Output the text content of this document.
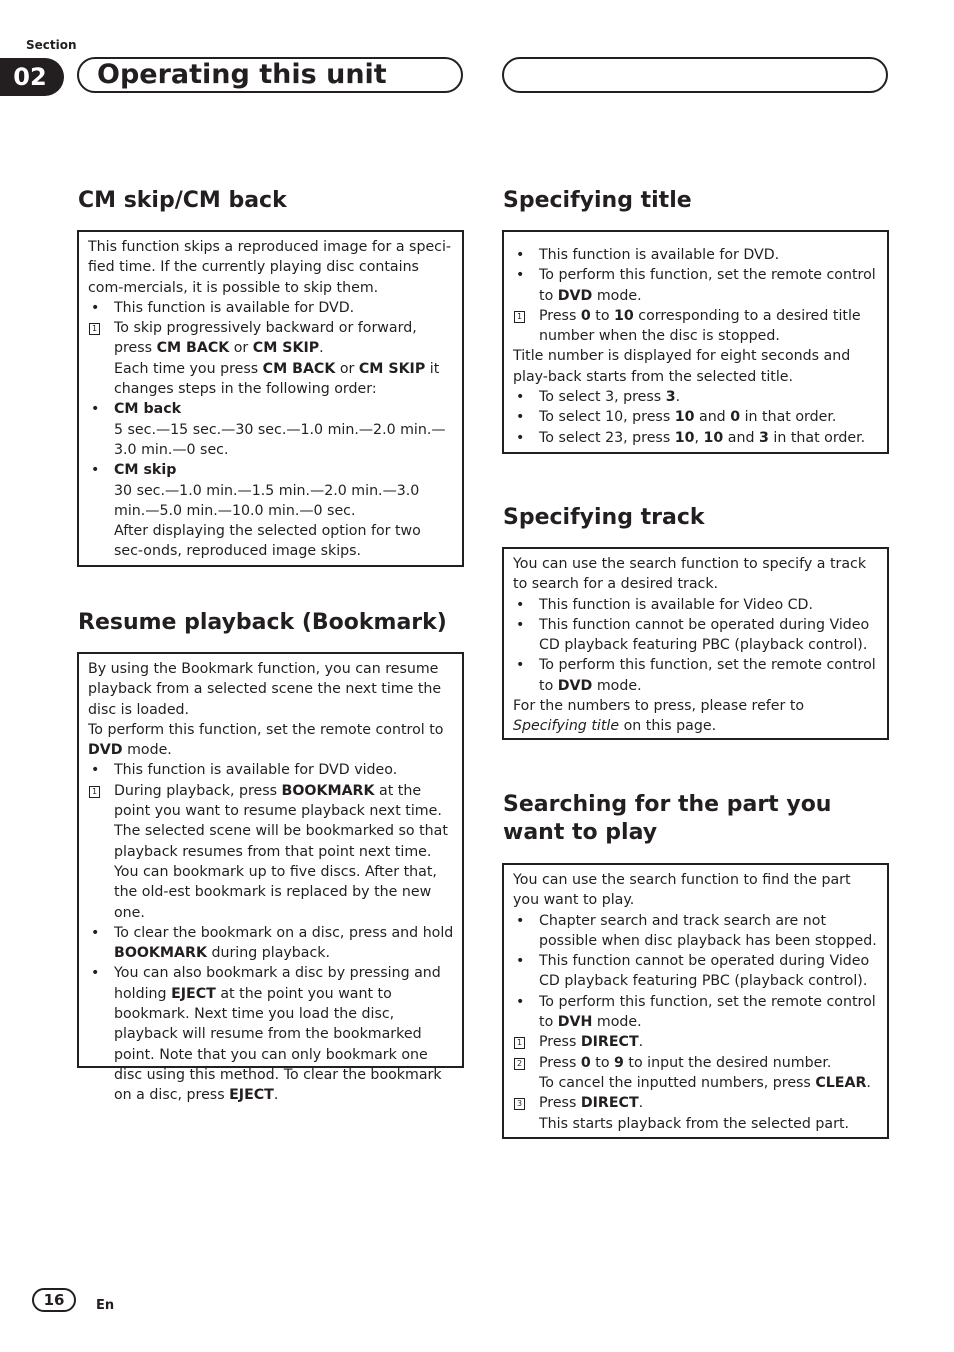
Section
02	Operating this unit
CM skip/CM back

This function skips a reproduced image for a speci-fied time. If the currently playing disc contains com-mercials, it is possible to skip them.

• This function is available for DVD.
1 To skip progressively backward or forward, press CM BACK or CM SKIP.
Each time you press CM BACK or CM SKIP it changes steps in the following order:
• CM back
5 sec.—15 sec.—30 sec.—1.0 min.—2.0 min.—3.0 min.—0 sec.
• CM skip
30 sec.—1.0 min.—1.5 min.—2.0 min.—3.0 min.—5.0 min.—10.0 min.—0 sec.
After displaying the selected option for two sec-onds, reproduced image skips.
Resume playback (Bookmark)

By using the Bookmark function, you can resume playback from a selected scene the next time the disc is loaded.

To perform this function, set the remote control to DVD mode.

• This function is available for DVD video.
1 During playback, press BOOKMARK at the point you want to resume playback next time.
The selected scene will be bookmarked so that playback resumes from that point next time. You can bookmark up to five discs. After that, the old-est bookmark is replaced by the new one.
• To clear the bookmark on a disc, press and hold BOOKMARK during playback.
• You can also bookmark a disc by pressing and holding EJECT at the point you want to bookmark. Next time you load the disc, playback will resume from the bookmarked point. Note that you can only bookmark one disc using this method. To clear the bookmark on a disc, press EJECT.
Specifying title
• This function is available for DVD.
• To perform this function, set the remote control to DVD mode.
1 Press 0 to 10 corresponding to a desired title number when the disc is stopped.

Title number is displayed for eight seconds and play-back starts from the selected title.

• To select 3, press 3.
• To select 10, press 10 and 0 in that order.
• To select 23, press 10, 10 and 3 in that order.
Specifying track

You can use the search function to specify a track to search for a desired track.

• This function is available for Video CD.
• This function cannot be operated during Video CD playback featuring PBC (playback control).
• To perform this function, set the remote control to DVD mode.

For the numbers to press, please refer to Specifying title on this page.

Searching for the part you want to play

You can use the search function to find the part you want to play.

• Chapter search and track search are not possible when disc playback has been stopped.
• This function cannot be operated during Video CD playback featuring PBC (playback control).
• To perform this function, set the remote control to DVH mode.
1 Press DIRECT.
2 Press 0 to 9 to input the desired number.
To cancel the inputted numbers, press CLEAR.
3 Press DIRECT.
This starts playback from the selected part.
16	En
